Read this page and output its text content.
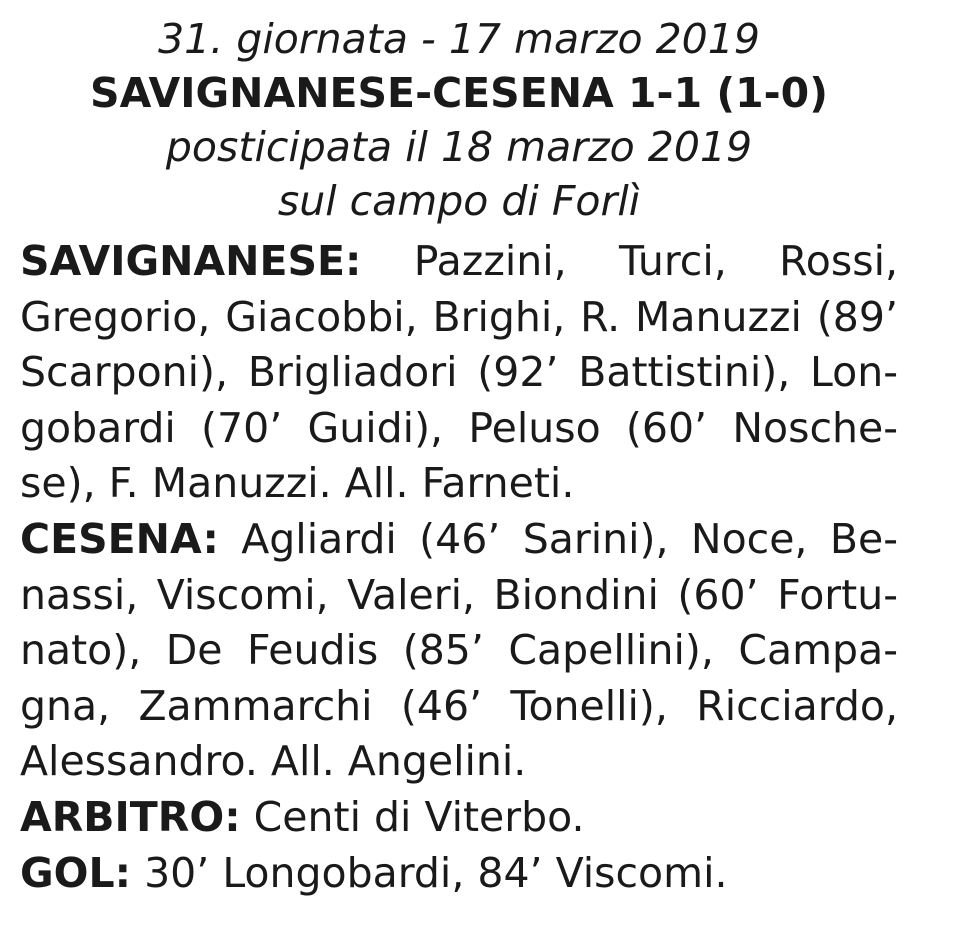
31. giornata - 17 marzo 2019
SAVIGNANESE-CESENA 1-1 (1-0)
posticipata il 18 marzo 2019
sul campo di Forlì
SAVIGNANESE: Pazzini, Turci, Rossi,
Gregorio, Giacobbi, Brighi, R. Manuzzi (89’
Scarponi), Brigliadori (92’ Battistini), Lon-
gobardi (70’ Guidi), Peluso (60’ Nosche-
se), F. Manuzzi. All. Farneti.
CESENA: Agliardi (46’ Sarini), Noce, Be-
nassi, Viscomi, Valeri, Biondini (60’ Fortu-
nato), De Feudis (85’ Capellini), Campa-
gna, Zammarchi (46’ Tonelli), Ricciardo,
Alessandro. All. Angelini.
ARBITRO: Centi di Viterbo.
GOL: 30’ Longobardi, 84’ Viscomi.
